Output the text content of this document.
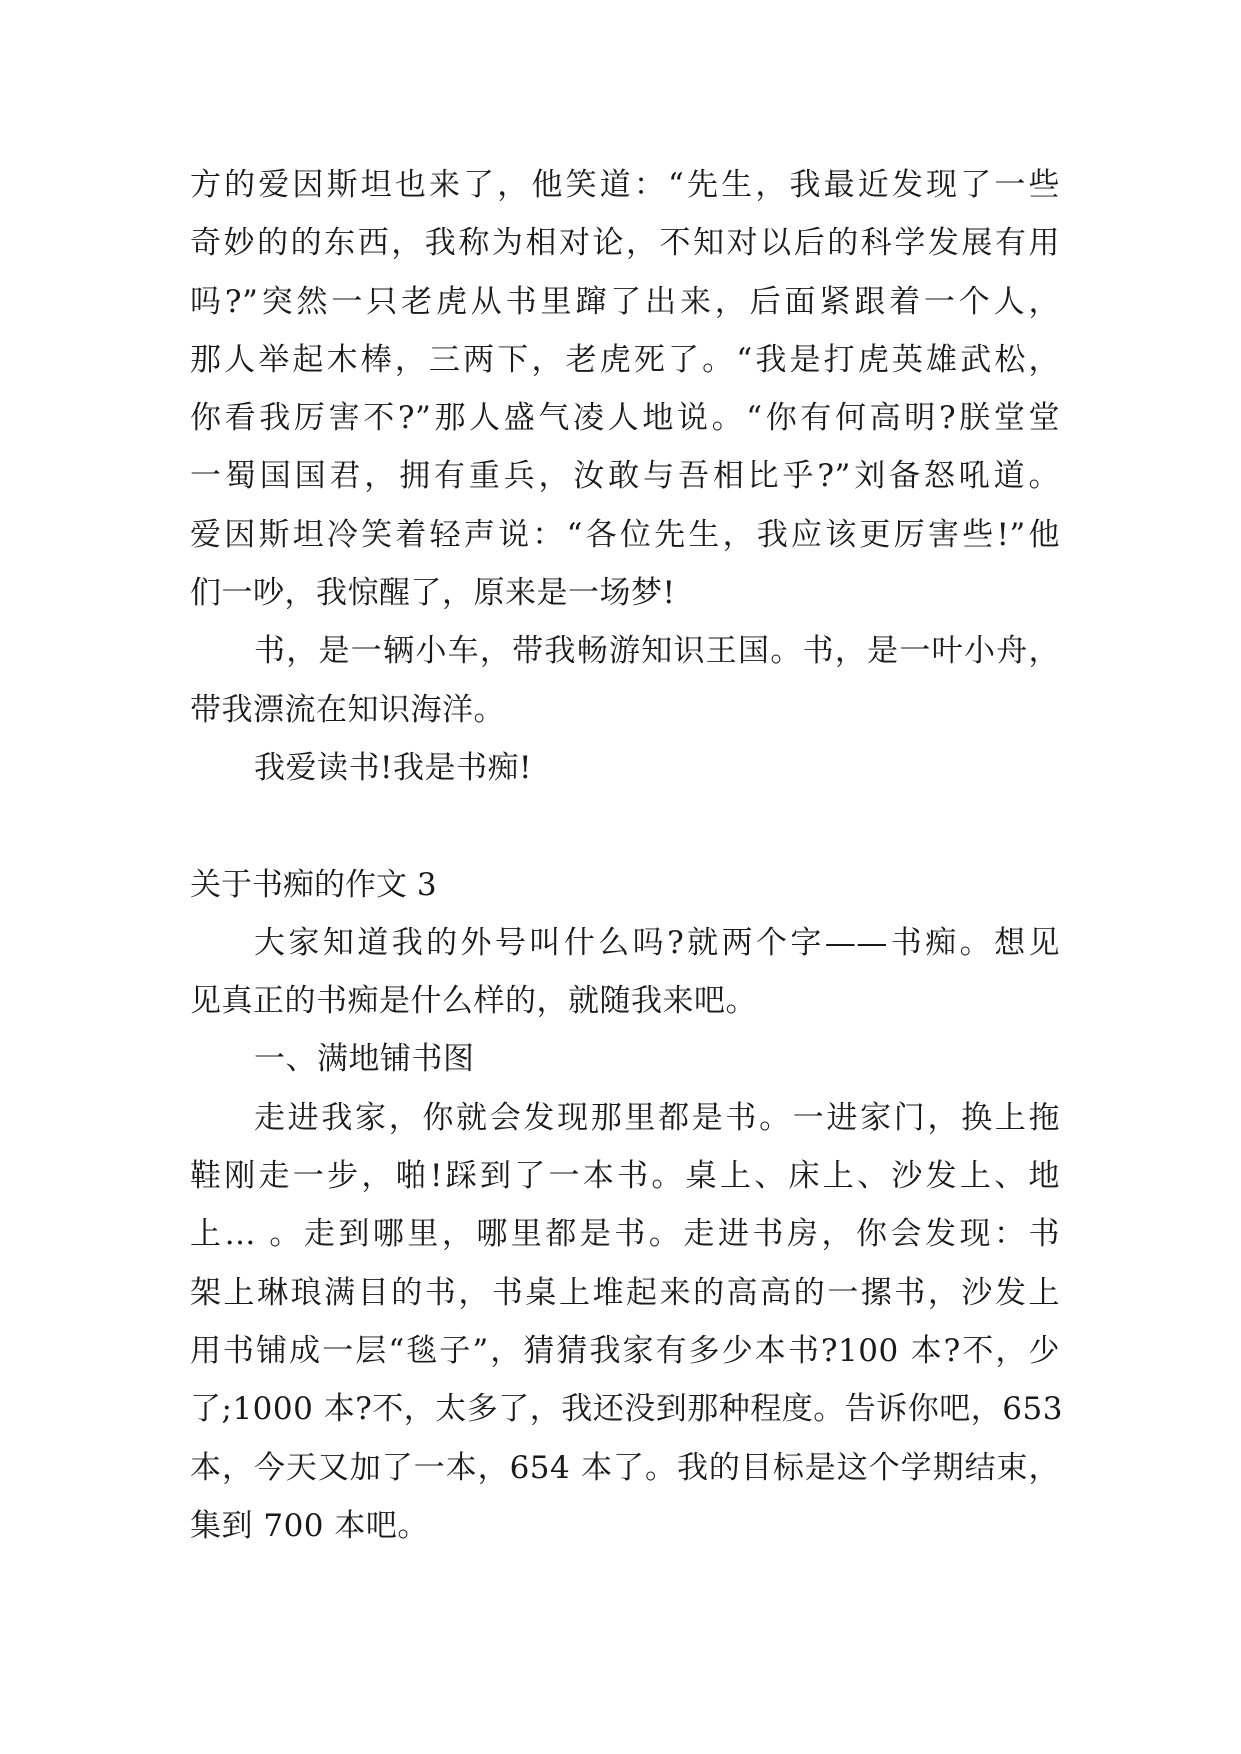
方的爱因斯坦也来了，他笑道：“先生，我最近发现了一些
奇妙的的东西，我称为相对论，不知对以后的科学发展有用
吗?”突然一只老虎从书里蹿了出来，后面紧跟着一个人，
那人举起木棒，三两下，老虎死了。“我是打虎英雄武松，
你看我厉害不?”那人盛气凌人地说。“你有何高明?朕堂堂
一蜀国国君，拥有重兵，汝敢与吾相比乎?”刘备怒吼道。
爱因斯坦冷笑着轻声说：“各位先生，我应该更厉害些!”他
们一吵，我惊醒了，原来是一场梦!
书，是一辆小车，带我畅游知识王国。书，是一叶小舟，
带我漂流在知识海洋。
我爱读书!我是书痴!
关于书痴的作文 3
大家知道我的外号叫什么吗?就两个字——书痴。想见
见真正的书痴是什么样的，就随我来吧。
一、满地铺书图
走进我家，你就会发现那里都是书。一进家门，换上拖
鞋刚走一步，啪!踩到了一本书。桌上、床上、沙发上、地
上… 。走到哪里，哪里都是书。走进书房，你会发现：书
架上琳琅满目的书，书桌上堆起来的高高的一摞书，沙发上
用书铺成一层“毯子”，猜猜我家有多少本书?100 本?不，少
了;1000 本?不，太多了，我还没到那种程度。告诉你吧，653
本，今天又加了一本，654 本了。我的目标是这个学期结束，
集到 700 本吧。
